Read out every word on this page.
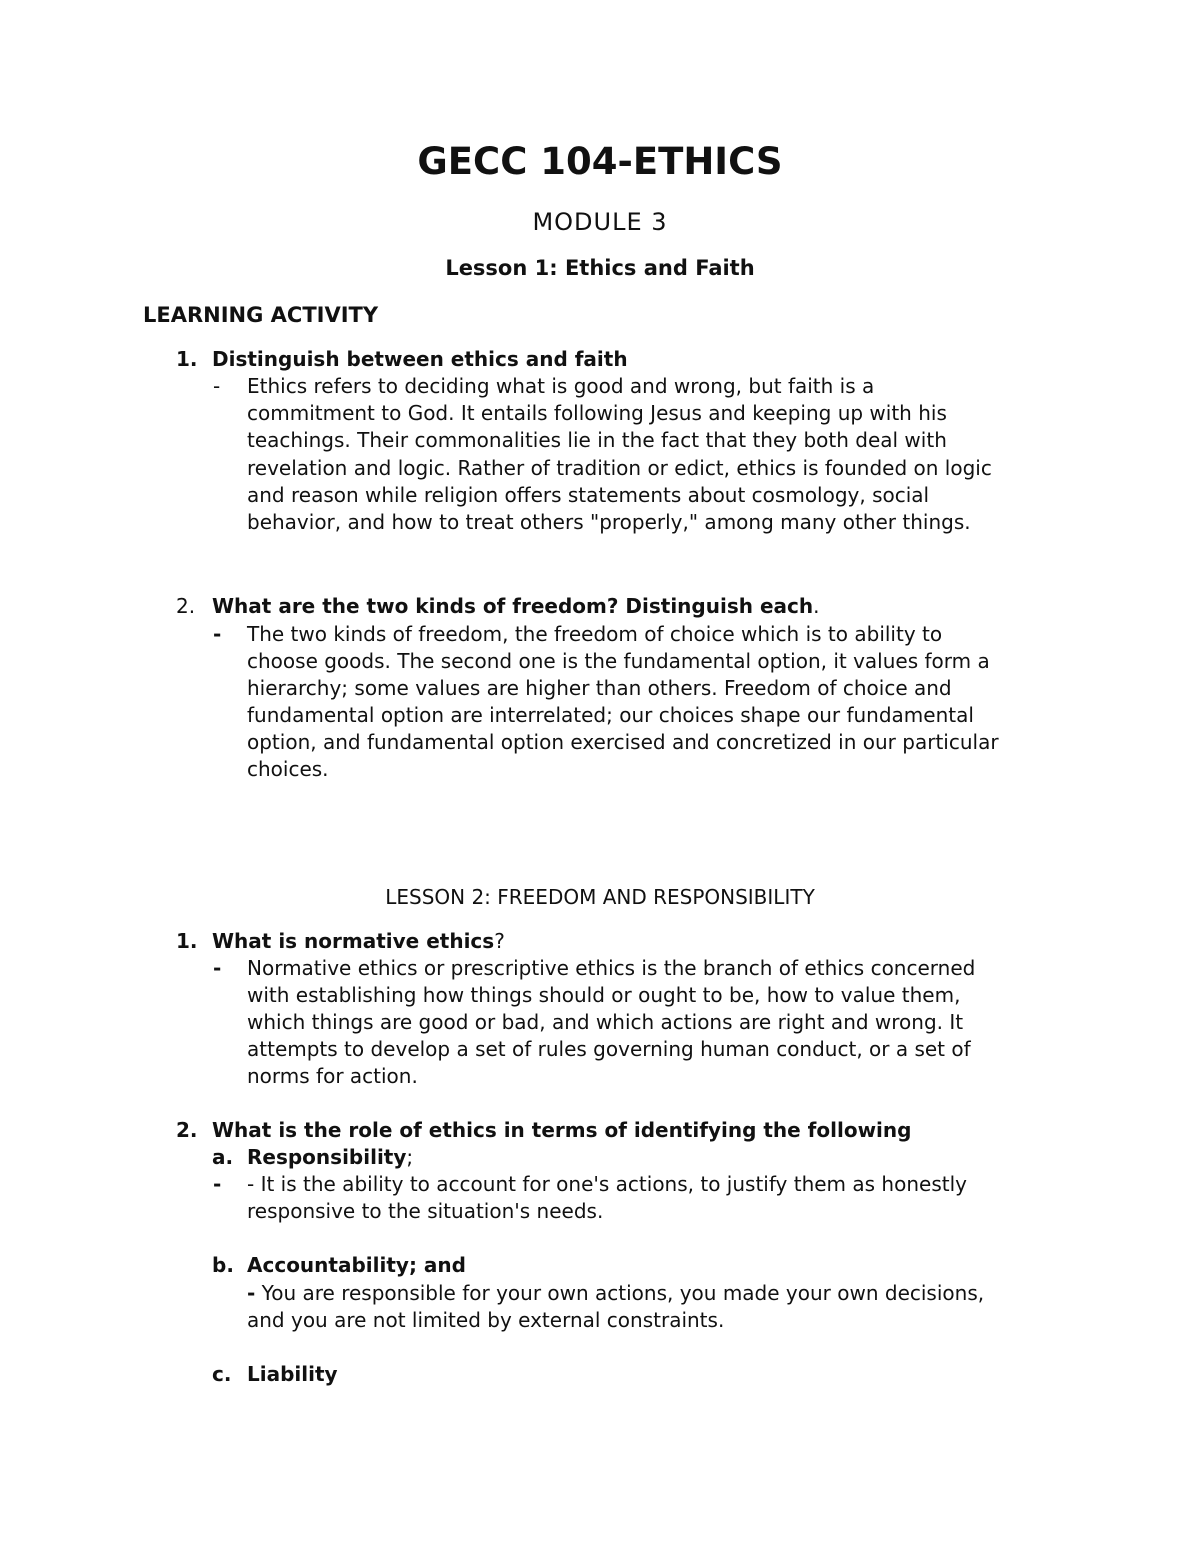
GECC 104-ETHICS
MODULE 3
Lesson 1: Ethics and Faith
LEARNING ACTIVITY
1. Distinguish between ethics and faith
- Ethics refers to deciding what is good and wrong, but faith is a
commitment to God. It entails following Jesus and keeping up with his
teachings. Their commonalities lie in the fact that they both deal with
revelation and logic. Rather of tradition or edict, ethics is founded on logic
and reason while religion offers statements about cosmology, social
behavior, and how to treat others "properly," among many other things.
2. What are the two kinds of freedom? Distinguish each.
- The two kinds of freedom, the freedom of choice which is to ability to
choose goods. The second one is the fundamental option, it values form a
hierarchy; some values are higher than others. Freedom of choice and
fundamental option are interrelated; our choices shape our fundamental
option, and fundamental option exercised and concretized in our particular
choices.
LESSON 2: FREEDOM AND RESPONSIBILITY
1. What is normative ethics?
- Normative ethics or prescriptive ethics is the branch of ethics concerned
with establishing how things should or ought to be, how to value them,
which things are good or bad, and which actions are right and wrong. It
attempts to develop a set of rules governing human conduct, or a set of
norms for action.
2. What is the role of ethics in terms of identifying the following
a. Responsibility;
- - It is the ability to account for one's actions, to justify them as honestly
responsive to the situation's needs.
b. Accountability; and
- You are responsible for your own actions, you made your own decisions,
and you are not limited by external constraints.
c. Liability
